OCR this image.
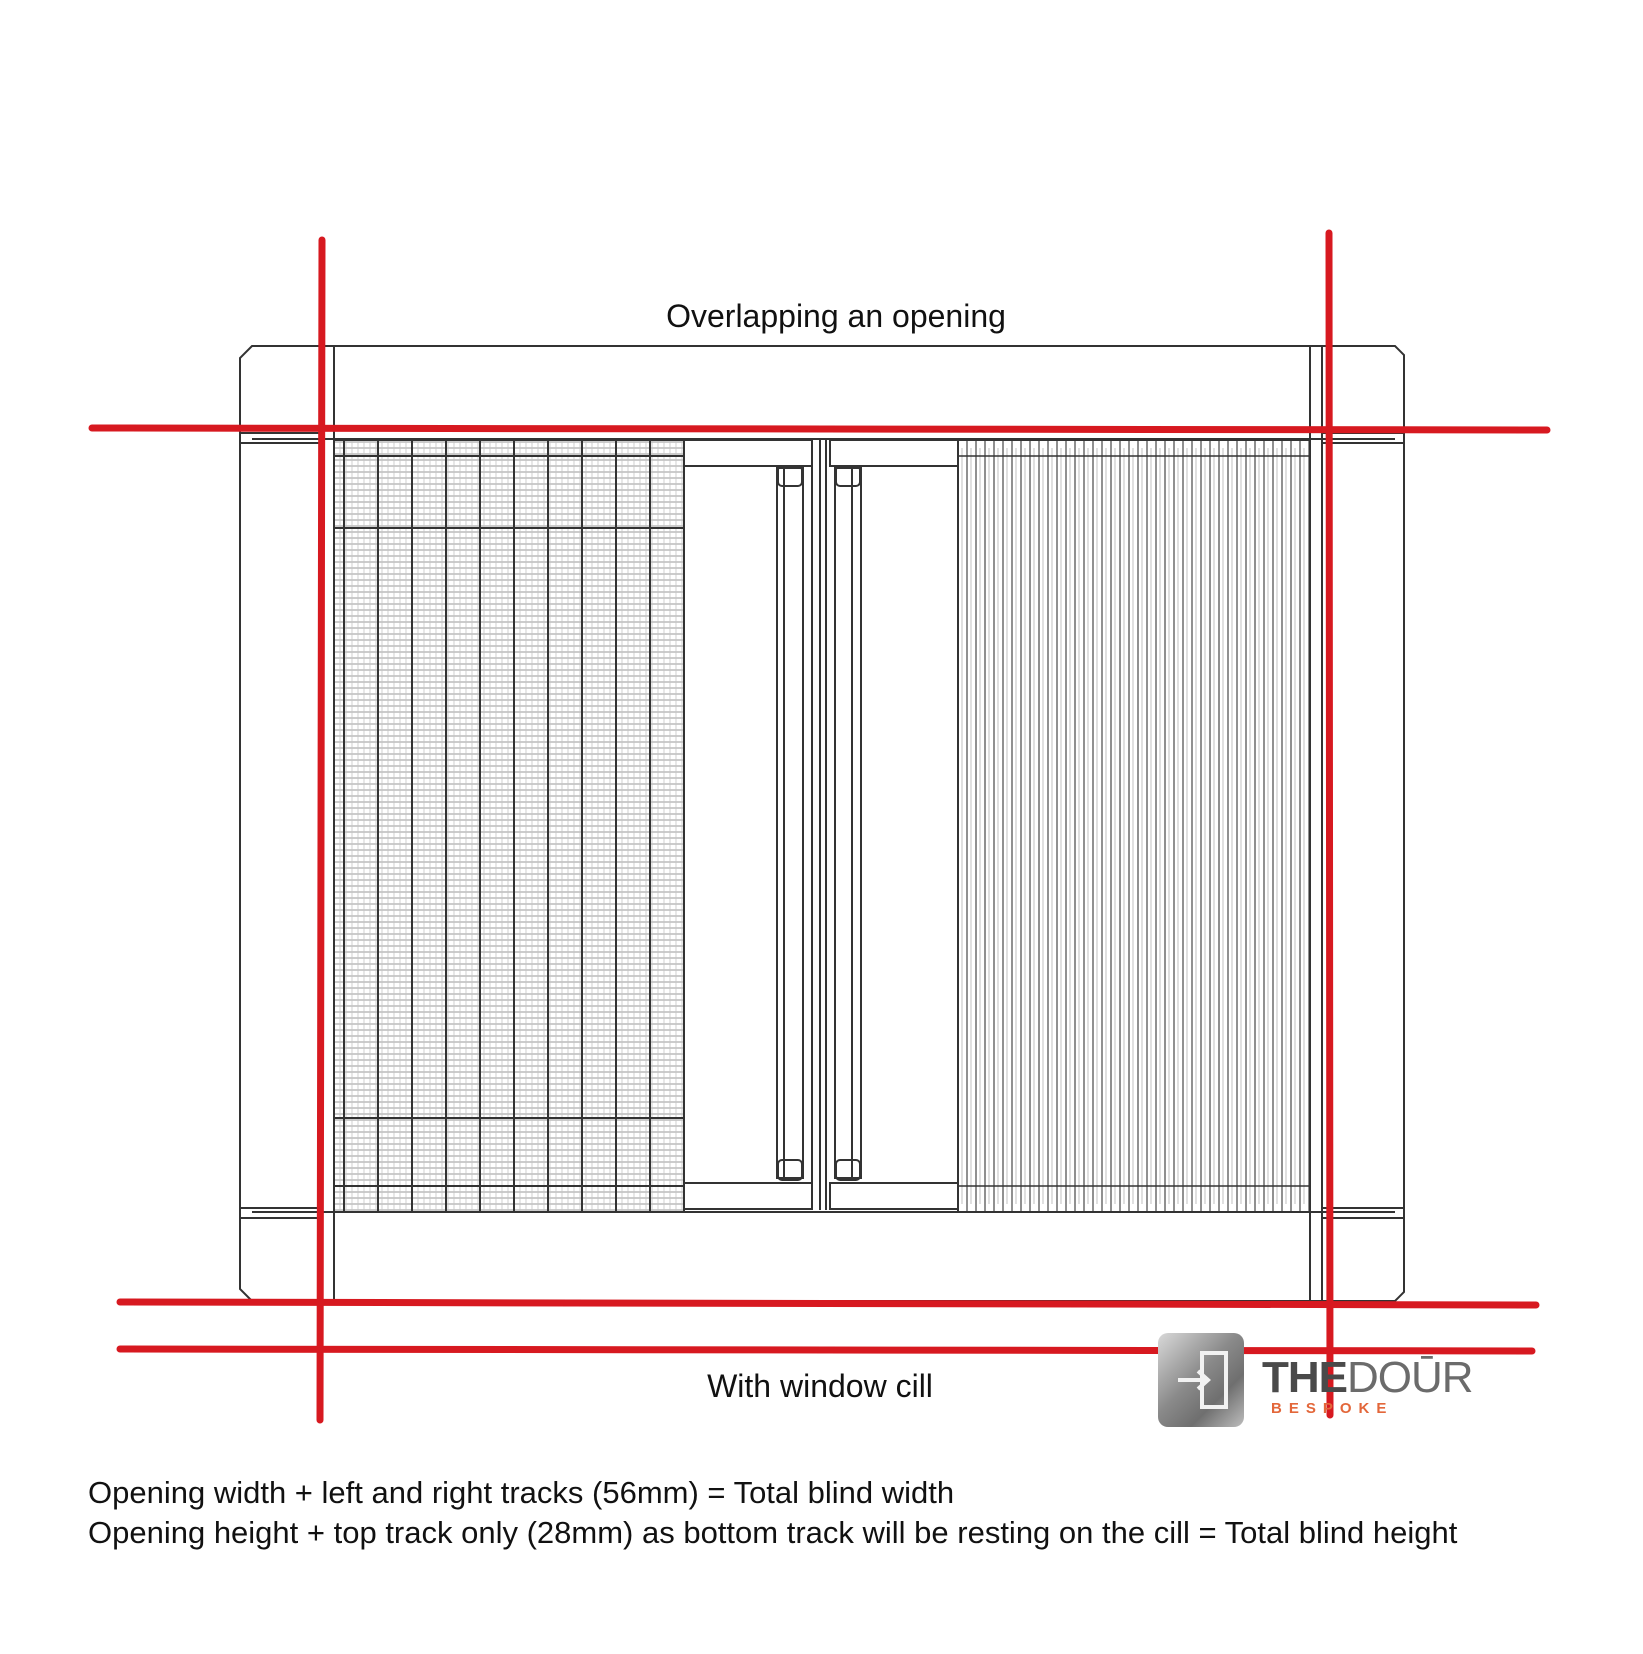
Overlapping an opening
With window cill
Opening width + left and right tracks (56mm) = Total blind width
Opening height + top track only (28mm) as bottom track will be resting on the cill = Total blind height
THEDOŪR
BESPOKE
